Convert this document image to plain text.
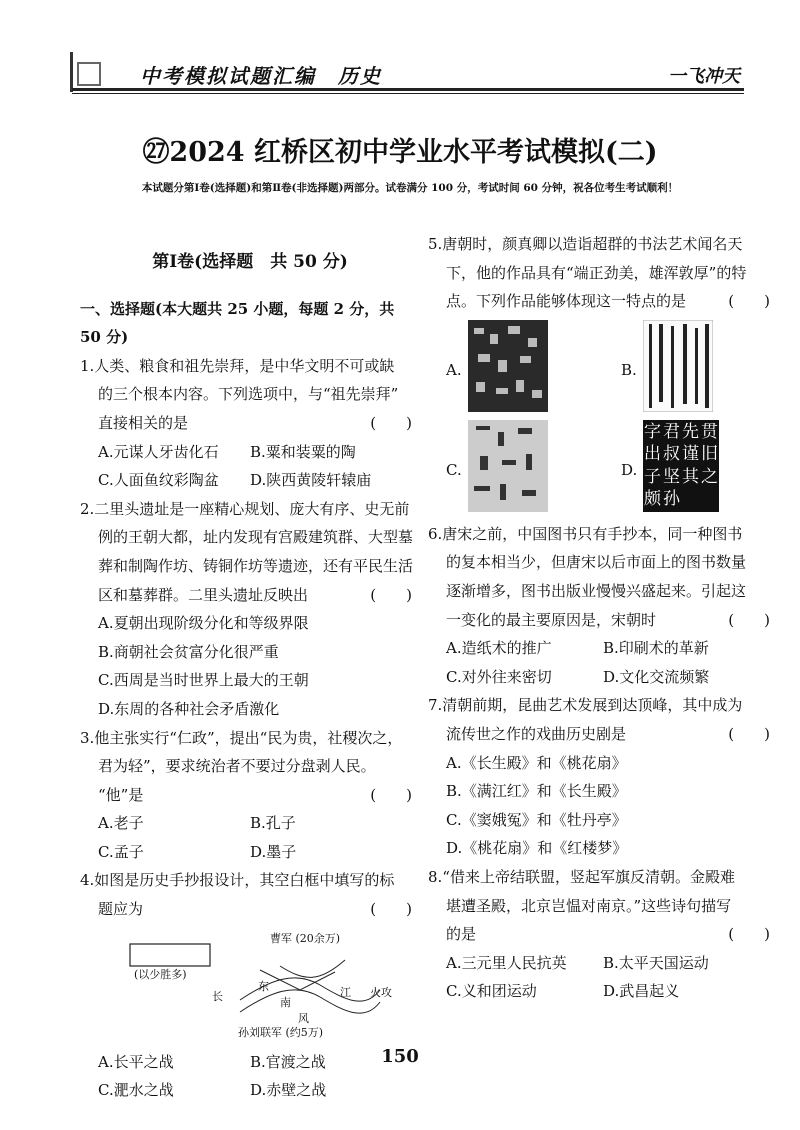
中考模拟试题汇编　历史	一飞冲天
㉗2024 红桥区初中学业水平考试模拟(二)
本试题分第Ⅰ卷(选择题)和第Ⅱ卷(非选择题)两部分。试卷满分 100 分，考试时间 60 分钟，祝各位考生考试顺利！

第Ⅰ卷(选择题　共 50 分)

一、选择题(本大题共 25 小题，每题 2 分，共 50 分)

1.人类、粮食和祖先崇拜，是中华文明不可或缺

的三个根本内容。下列选项中，与“祖先崇拜”

直接相关的是	(　　)

A.元谋人牙齿化石	B.粟和装粟的陶

C.人面鱼纹彩陶盆	D.陕西黄陵轩辕庙

2.二里头遗址是一座精心规划、庞大有序、史无前

例的王朝大都，址内发现有宫殿建筑群、大型墓

葬和制陶作坊、铸铜作坊等遗迹，还有平民生活

区和墓葬群。二里头遗址反映出	(　　)

A.夏朝出现阶级分化和等级界限

B.商朝社会贫富分化很严重

C.西周是当时世界上最大的王朝

D.东周的各种社会矛盾激化

3.他主张实行“仁政”，提出“民为贵，社稷次之，

君为轻”，要求统治者不要过分盘剥人民。

“他”是	(　　)

A.老子	B.孔子

C.孟子	D.墨子

4.如图是历史手抄报设计，其空白框中填写的标

题应为	(　　)

(以少胜多)
曹军 (20余万)
长
东
南
风
江 火攻
孙刘联军 (约5万)

A.长平之战	B.官渡之战

C.淝水之战	D.赤壁之战

5.唐朝时，颜真卿以造诣超群的书法艺术闻名天

下，他的作品具有“端正劲美，雄浑敦厚”的特

点。下列作品能够体现这一特点的是	(　　)

A.	B.
C.	D.
字 君 先 贯
出 叔 谨 旧
子 坚 其 之
颇 孙

6.唐宋之前，中国图书只有手抄本，同一种图书

的复本相当少，但唐宋以后市面上的图书数量

逐渐增多，图书出版业慢慢兴盛起来。引起这

一变化的最主要原因是，宋朝时	(　　)

A.造纸术的推广	B.印刷术的革新

C.对外往来密切	D.文化交流频繁

7.清朝前期，昆曲艺术发展到达顶峰，其中成为

流传世之作的戏曲历史剧是	(　　)

A.《长生殿》和《桃花扇》

B.《满江红》和《长生殿》

C.《窦娥冤》和《牡丹亭》

D.《桃花扇》和《红楼梦》

8.“借来上帝结联盟，竖起军旗反清朝。金殿难

堪遭圣殿，北京岂愠对南京。”这些诗句描写

的是	(　　)

A.三元里人民抗英	B.太平天国运动

C.义和团运动	D.武昌起义

150
